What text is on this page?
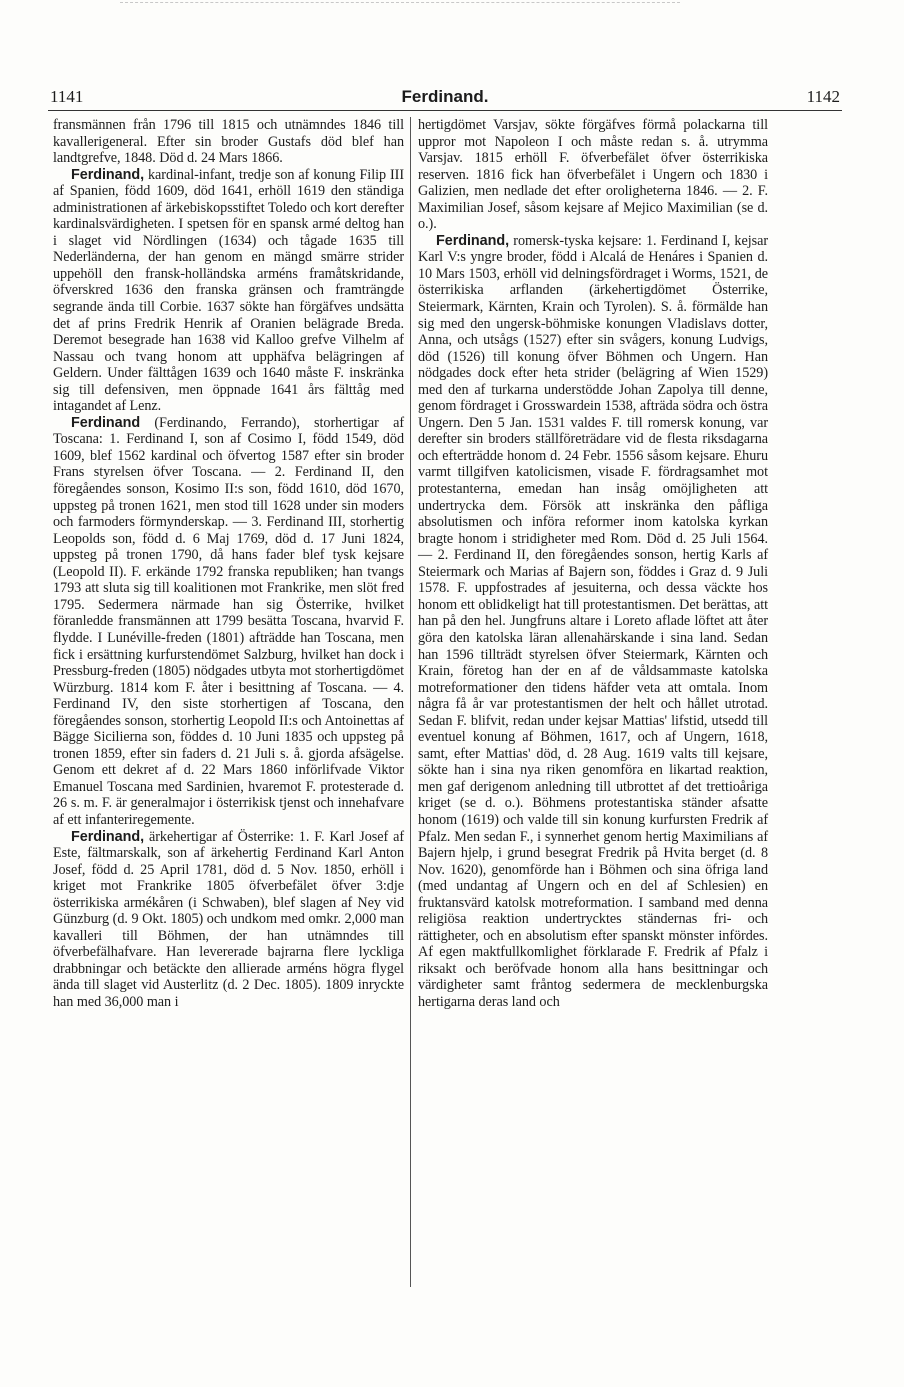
1141	Ferdinand.	1142

fransmännen från 1796 till 1815 och utnämndes 1846 till kavallerigeneral. Efter sin broder Gustafs död blef han landtgrefve, 1848. Död d. 24 Mars 1866.

Ferdinand, kardinal-infant, tredje son af konung Filip III af Spanien, född 1609, död 1641, erhöll 1619 den ständiga administrationen af ärkebiskopsstiftet Toledo och kort derefter kardinalsvärdigheten. I spetsen för en spansk armé deltog han i slaget vid Nördlingen (1634) och tågade 1635 till Nederländerna, der han genom en mängd smärre strider uppehöll den fransk-holländska arméns framåtskridande, öfverskred 1636 den franska gränsen och framträngde segrande ända till Corbie. 1637 sökte han förgäfves undsätta det af prins Fredrik Henrik af Oranien belägrade Breda. Deremot besegrade han 1638 vid Kalloo grefve Vilhelm af Nassau och tvang honom att upphäfva belägringen af Geldern. Under fälttågen 1639 och 1640 måste F. inskränka sig till defensiven, men öppnade 1641 års fälttåg med intagandet af Lenz.

Ferdinand (Ferdinando, Ferrando), storhertigar af Toscana: 1. Ferdinand I, son af Cosimo I, född 1549, död 1609, blef 1562 kardinal och öfvertog 1587 efter sin broder Frans styrelsen öfver Toscana. — 2. Ferdinand II, den föregåendes sonson, Kosimo II:s son, född 1610, död 1670, uppsteg på tronen 1621, men stod till 1628 under sin moders och farmoders förmynderskap. — 3. Ferdinand III, storhertig Leopolds son, född d. 6 Maj 1769, död d. 17 Juni 1824, uppsteg på tronen 1790, då hans fader blef tysk kejsare (Leopold II). F. erkände 1792 franska republiken; han tvangs 1793 att sluta sig till koalitionen mot Frankrike, men slöt fred 1795. Sedermera närmade han sig Österrike, hvilket föranledde fransmännen att 1799 besätta Toscana, hvarvid F. flydde. I Lunéville-freden (1801) afträdde han Toscana, men fick i ersättning kurfurstendömet Salzburg, hvilket han dock i Pressburg-freden (1805) nödgades utbyta mot storhertigdömet Würzburg. 1814 kom F. åter i besittning af Toscana. — 4. Ferdinand IV, den siste storhertigen af Toscana, den föregåendes sonson, storhertig Leopold II:s och Antoinettas af Bägge Sicilierna son, föddes d. 10 Juni 1835 och uppsteg på tronen 1859, efter sin faders d. 21 Juli s. å. gjorda afsägelse. Genom ett dekret af d. 22 Mars 1860 införlifvade Viktor Emanuel Toscana med Sardinien, hvaremot F. protesterade d. 26 s. m. F. är generalmajor i österrikisk tjenst och innehafvare af ett infanteriregemente.

Ferdinand, ärkehertigar af Österrike: 1. F. Karl Josef af Este, fältmarskalk, son af ärkehertig Ferdinand Karl Anton Josef, född d. 25 April 1781, död d. 5 Nov. 1850, erhöll i kriget mot Frankrike 1805 öfverbefälet öfver 3:dje österrikiska armékåren (i Schwaben), blef slagen af Ney vid Günzburg (d. 9 Okt. 1805) och undkom med omkr. 2,000 man kavalleri till Böhmen, der han utnämndes till öfverbefälhafvare. Han levererade bajrarna flere lyckliga drabbningar och betäckte den allierade arméns högra flygel ända till slaget vid Austerlitz (d. 2 Dec. 1805). 1809 inryckte han med 36,000 man i

hertigdömet Varsjav, sökte förgäfves förmå polackarna till uppror mot Napoleon I och måste redan s. å. utrymma Varsjav. 1815 erhöll F. öfverbefälet öfver österrikiska reserven. 1816 fick han öfverbefälet i Ungern och 1830 i Galizien, men nedlade det efter oroligheterna 1846. — 2. F. Maximilian Josef, såsom kejsare af Mejico Maximilian (se d. o.).

Ferdinand, romersk-tyska kejsare: 1. Ferdinand I, kejsar Karl V:s yngre broder, född i Alcalá de Henáres i Spanien d. 10 Mars 1503, erhöll vid delningsfördraget i Worms, 1521, de österrikiska arflanden (ärkehertigdömet Österrike, Steiermark, Kärnten, Krain och Tyrolen). S. å. förmälde han sig med den ungersk-böhmiske konungen Vladislavs dotter, Anna, och utsågs (1527) efter sin svågers, konung Ludvigs, död (1526) till konung öfver Böhmen och Ungern. Han nödgades dock efter heta strider (belägring af Wien 1529) med den af turkarna understödde Johan Zapolya till denne, genom fördraget i Grosswardein 1538, afträda södra och östra Ungern. Den 5 Jan. 1531 valdes F. till romersk konung, var derefter sin broders ställföreträdare vid de flesta riksdagarna och efterträdde honom d. 24 Febr. 1556 såsom kejsare. Ehuru varmt tillgifven katolicismen, visade F. fördragsamhet mot protestanterna, emedan han insåg omöjligheten att undertrycka dem. Försök att inskränka den påfliga absolutismen och införa reformer inom katolska kyrkan bragte honom i stridigheter med Rom. Död d. 25 Juli 1564. — 2. Ferdinand II, den föregåendes sonson, hertig Karls af Steiermark och Marias af Bajern son, föddes i Graz d. 9 Juli 1578. F. uppfostrades af jesuiterna, och dessa väckte hos honom ett oblidkeligt hat till protestantismen. Det berättas, att han på den hel. Jungfruns altare i Loreto aflade löftet att åter göra den katolska läran allenahärskande i sina land. Sedan han 1596 tillträdt styrelsen öfver Steiermark, Kärnten och Krain, företog han der en af de våldsammaste katolska motreformationer den tidens häfder veta att omtala. Inom några få år var protestantismen der helt och hållet utrotad. Sedan F. blifvit, redan under kejsar Mattias' lifstid, utsedd till eventuel konung af Böhmen, 1617, och af Ungern, 1618, samt, efter Mattias' död, d. 28 Aug. 1619 valts till kejsare, sökte han i sina nya riken genomföra en likartad reaktion, men gaf derigenom anledning till utbrottet af det trettioåriga kriget (se d. o.). Böhmens protestantiska ständer afsatte honom (1619) och valde till sin konung kurfursten Fredrik af Pfalz. Men sedan F., i synnerhet genom hertig Maximilians af Bajern hjelp, i grund besegrat Fredrik på Hvita berget (d. 8 Nov. 1620), genomförde han i Böhmen och sina öfriga land (med undantag af Ungern och en del af Schlesien) en fruktansvärd katolsk motreformation. I samband med denna religiösa reaktion undertrycktes ständernas fri- och rättigheter, och en absolutism efter spanskt mönster infördes. Af egen maktfullkomlighet förklarade F. Fredrik af Pfalz i riksakt och beröfvade honom alla hans besittningar och värdigheter samt fråntog sedermera de mecklenburgska hertigarna deras land och
